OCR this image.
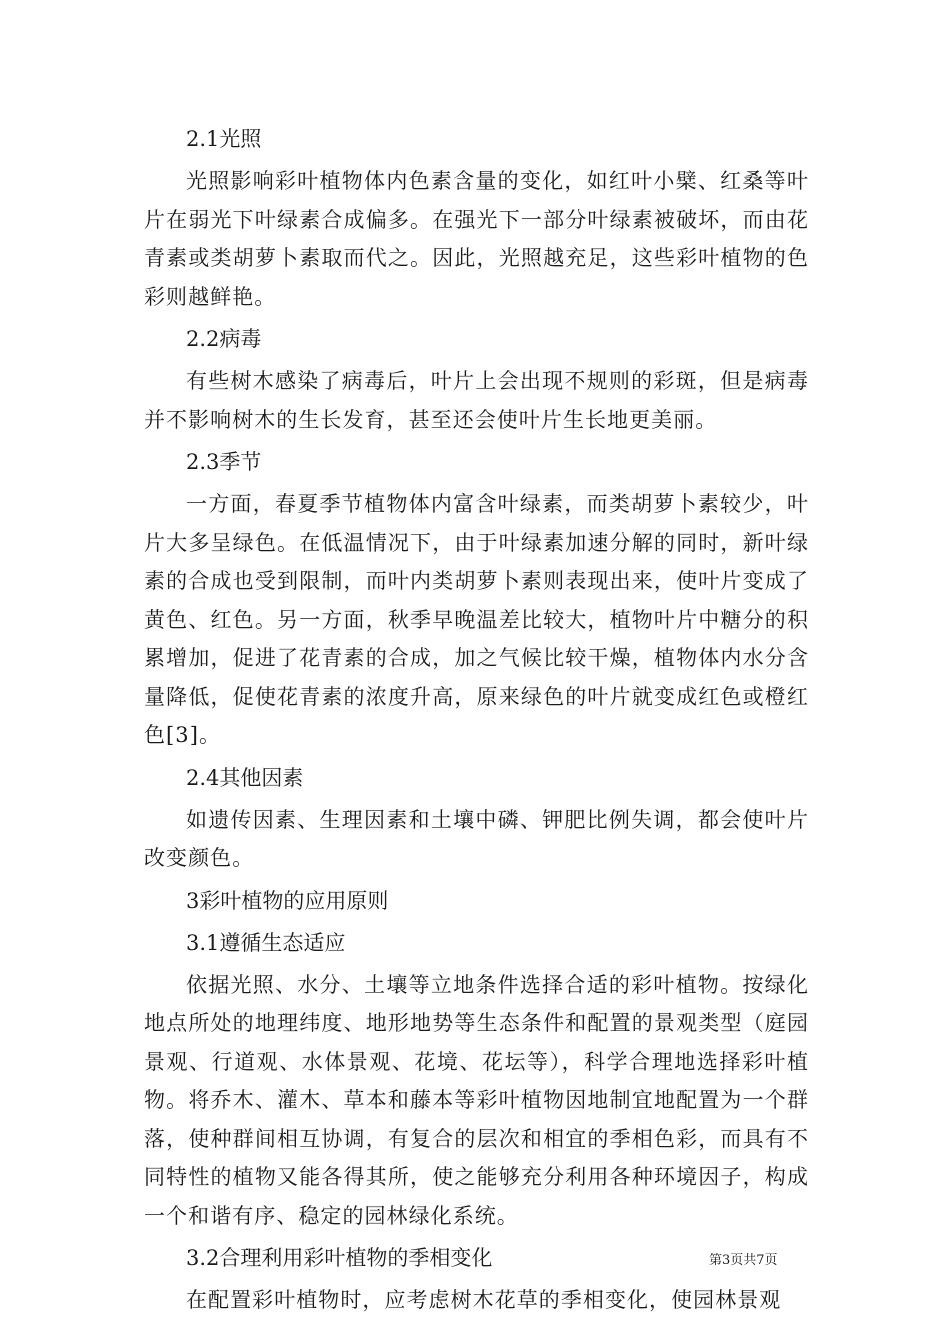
2.1光照

光照影响彩叶植物体内色素含量的变化，如红叶小檗、红桑等叶片在弱光下叶绿素合成偏多。在强光下一部分叶绿素被破坏，而由花青素或类胡萝卜素取而代之。因此，光照越充足，这些彩叶植物的色彩则越鲜艳。

2.2病毒

有些树木感染了病毒后，叶片上会出现不规则的彩斑，但是病毒并不影响树木的生长发育，甚至还会使叶片生长地更美丽。

2.3季节

一方面，春夏季节植物体内富含叶绿素，而类胡萝卜素较少，叶片大多呈绿色。在低温情况下，由于叶绿素加速分解的同时，新叶绿素的合成也受到限制，而叶内类胡萝卜素则表现出来，使叶片变成了黄色、红色。另一方面，秋季早晚温差比较大，植物叶片中糖分的积累增加，促进了花青素的合成，加之气候比较干燥，植物体内水分含量降低，促使花青素的浓度升高，原来绿色的叶片就变成红色或橙红色[3]。

2.4其他因素

如遗传因素、生理因素和土壤中磷、钾肥比例失调，都会使叶片改变颜色。

3彩叶植物的应用原则
3.1遵循生态适应

依据光照、水分、土壤等立地条件选择合适的彩叶植物。按绿化地点所处的地理纬度、地形地势等生态条件和配置的景观类型（庭园景观、行道观、水体景观、花境、花坛等），科学合理地选择彩叶植物。将乔木、灌木、草本和藤本等彩叶植物因地制宜地配置为一个群落，使种群间相互协调，有复合的层次和相宜的季相色彩，而具有不同特性的植物又能各得其所，使之能够充分利用各种环境因子，构成一个和谐有序、稳定的园林绿化系统。

3.2合理利用彩叶植物的季相变化

在配置彩叶植物时，应考虑树木花草的季相变化，使园林景观

第3页共7页
